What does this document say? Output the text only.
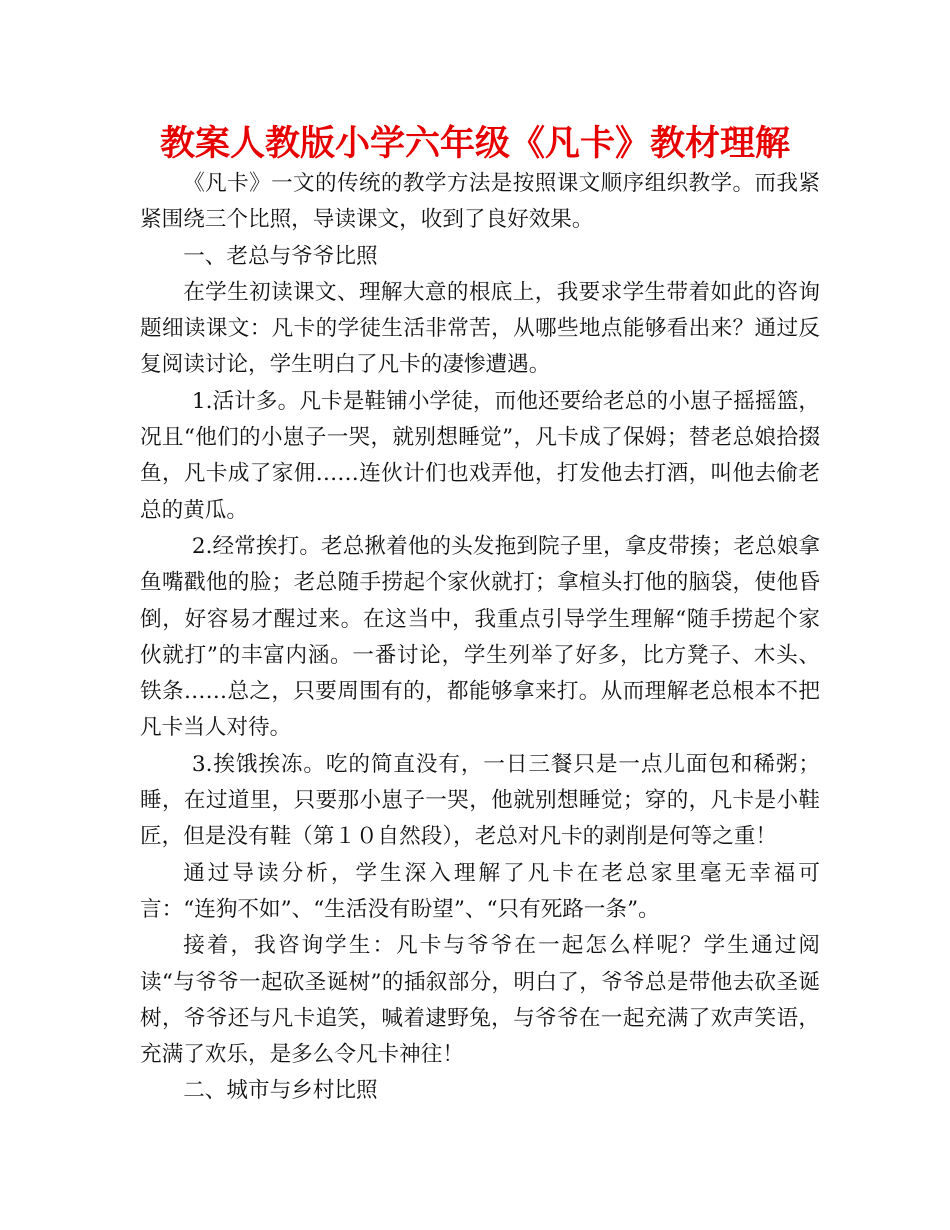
教案人教版小学六年级《凡卡》教材理解

《凡卡》一文的传统的教学方法是按照课文顺序组织教学。而我紧紧围绕三个比照，导读课文，收到了良好效果。

一、老总与爷爷比照

在学生初读课文、理解大意的根底上，我要求学生带着如此的咨询题细读课文：凡卡的学徒生活非常苦，从哪些地点能够看出来？通过反复阅读讨论，学生明白了凡卡的凄惨遭遇。

1.活计多。凡卡是鞋铺小学徒，而他还要给老总的小崽子摇摇篮，况且“他们的小崽子一哭，就别想睡觉”，凡卡成了保姆；替老总娘拾掇鱼，凡卡成了家佣……连伙计们也戏弄他，打发他去打酒，叫他去偷老总的黄瓜。

2.经常挨打。老总揪着他的头发拖到院子里，拿皮带揍；老总娘拿鱼嘴戳他的脸；老总随手捞起个家伙就打；拿楦头打他的脑袋，使他昏倒，好容易才醒过来。在这当中，我重点引导学生理解“随手捞起个家伙就打”的丰富内涵。一番讨论，学生列举了好多，比方凳子、木头、铁条……总之，只要周围有的，都能够拿来打。从而理解老总根本不把凡卡当人对待。

3.挨饿挨冻。吃的简直没有，一日三餐只是一点儿面包和稀粥；睡，在过道里，只要那小崽子一哭，他就别想睡觉；穿的，凡卡是小鞋匠，但是没有鞋（第１０自然段），老总对凡卡的剥削是何等之重！

通过导读分析，学生深入理解了凡卡在老总家里毫无幸福可言：“连狗不如”、“生活没有盼望”、“只有死路一条”。

接着，我咨询学生：凡卡与爷爷在一起怎么样呢？学生通过阅读“与爷爷一起砍圣诞树”的插叙部分，明白了，爷爷总是带他去砍圣诞树，爷爷还与凡卡追笑，喊着逮野兔，与爷爷在一起充满了欢声笑语，充满了欢乐，是多么令凡卡神往！

二、城市与乡村比照
